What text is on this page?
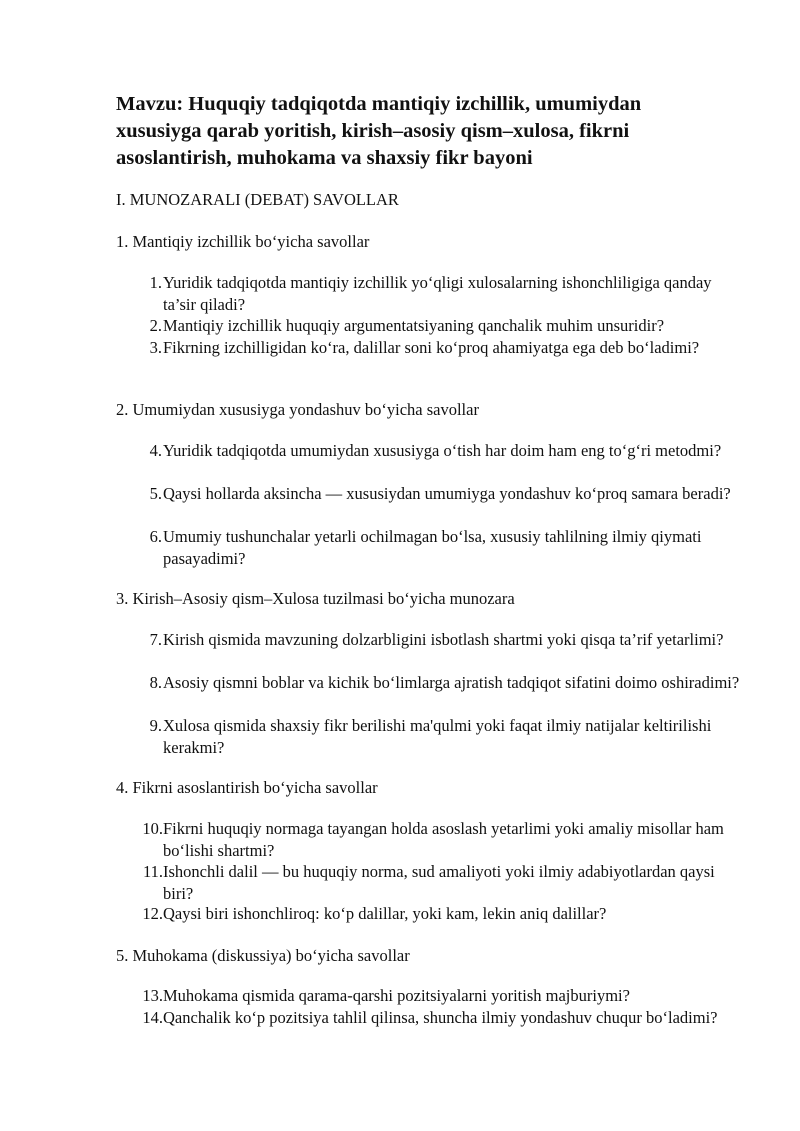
Mavzu: Huquqiy tadqiqotda mantiqiy izchillik, umumiydan xususiyga qarab yoritish, kirish–asosiy qism–xulosa, fikrni asoslantirish, muhokama va shaxsiy fikr bayoni

I. MUNOZARALI (DEBAT) SAVOLLAR

1. Mantiqiy izchillik bo‘yicha savollar

1. Yuridik tadqiqotda mantiqiy izchillik yo‘qligi xulosalarning ishonchliligiga qanday ta’sir qiladi?
2. Mantiqiy izchillik huquqiy argumentatsiyaning qanchalik muhim unsuridir?
3. Fikrning izchilligidan ko‘ra, dalillar soni ko‘proq ahamiyatga ega deb bo‘ladimi?

2. Umumiydan xususiyga yondashuv bo‘yicha savollar

4. Yuridik tadqiqotda umumiydan xususiyga o‘tish har doim ham eng to‘g‘ri metodmi?
5. Qaysi hollarda aksincha — xususiydan umumiyga yondashuv ko‘proq samara beradi?
6. Umumiy tushunchalar yetarli ochilmagan bo‘lsa, xususiy tahlilning ilmiy qiymati pasayadimi?

3. Kirish–Asosiy qism–Xulosa tuzilmasi bo‘yicha munozara

7. Kirish qismida mavzuning dolzarbligini isbotlash shartmi yoki qisqa ta’rif yetarlimi?
8. Asosiy qismni boblar va kichik bo‘limlarga ajratish tadqiqot sifatini doimo oshiradimi?
9. Xulosa qismida shaxsiy fikr berilishi ma'qulmi yoki faqat ilmiy natijalar keltirilishi kerakmi?

4. Fikrni asoslantirish bo‘yicha savollar

10. Fikrni huquqiy normaga tayangan holda asoslash yetarlimi yoki amaliy misollar ham bo‘lishi shartmi?
11. Ishonchli dalil — bu huquqiy norma, sud amaliyoti yoki ilmiy adabiyotlardan qaysi biri?
12. Qaysi biri ishonchliroq: ko‘p dalillar, yoki kam, lekin aniq dalillar?

5. Muhokama (diskussiya) bo‘yicha savollar

13. Muhokama qismida qarama-qarshi pozitsiyalarni yoritish majburiymi?
14. Qanchalik ko‘p pozitsiya tahlil qilinsa, shuncha ilmiy yondashuv chuqur bo‘ladimi?
